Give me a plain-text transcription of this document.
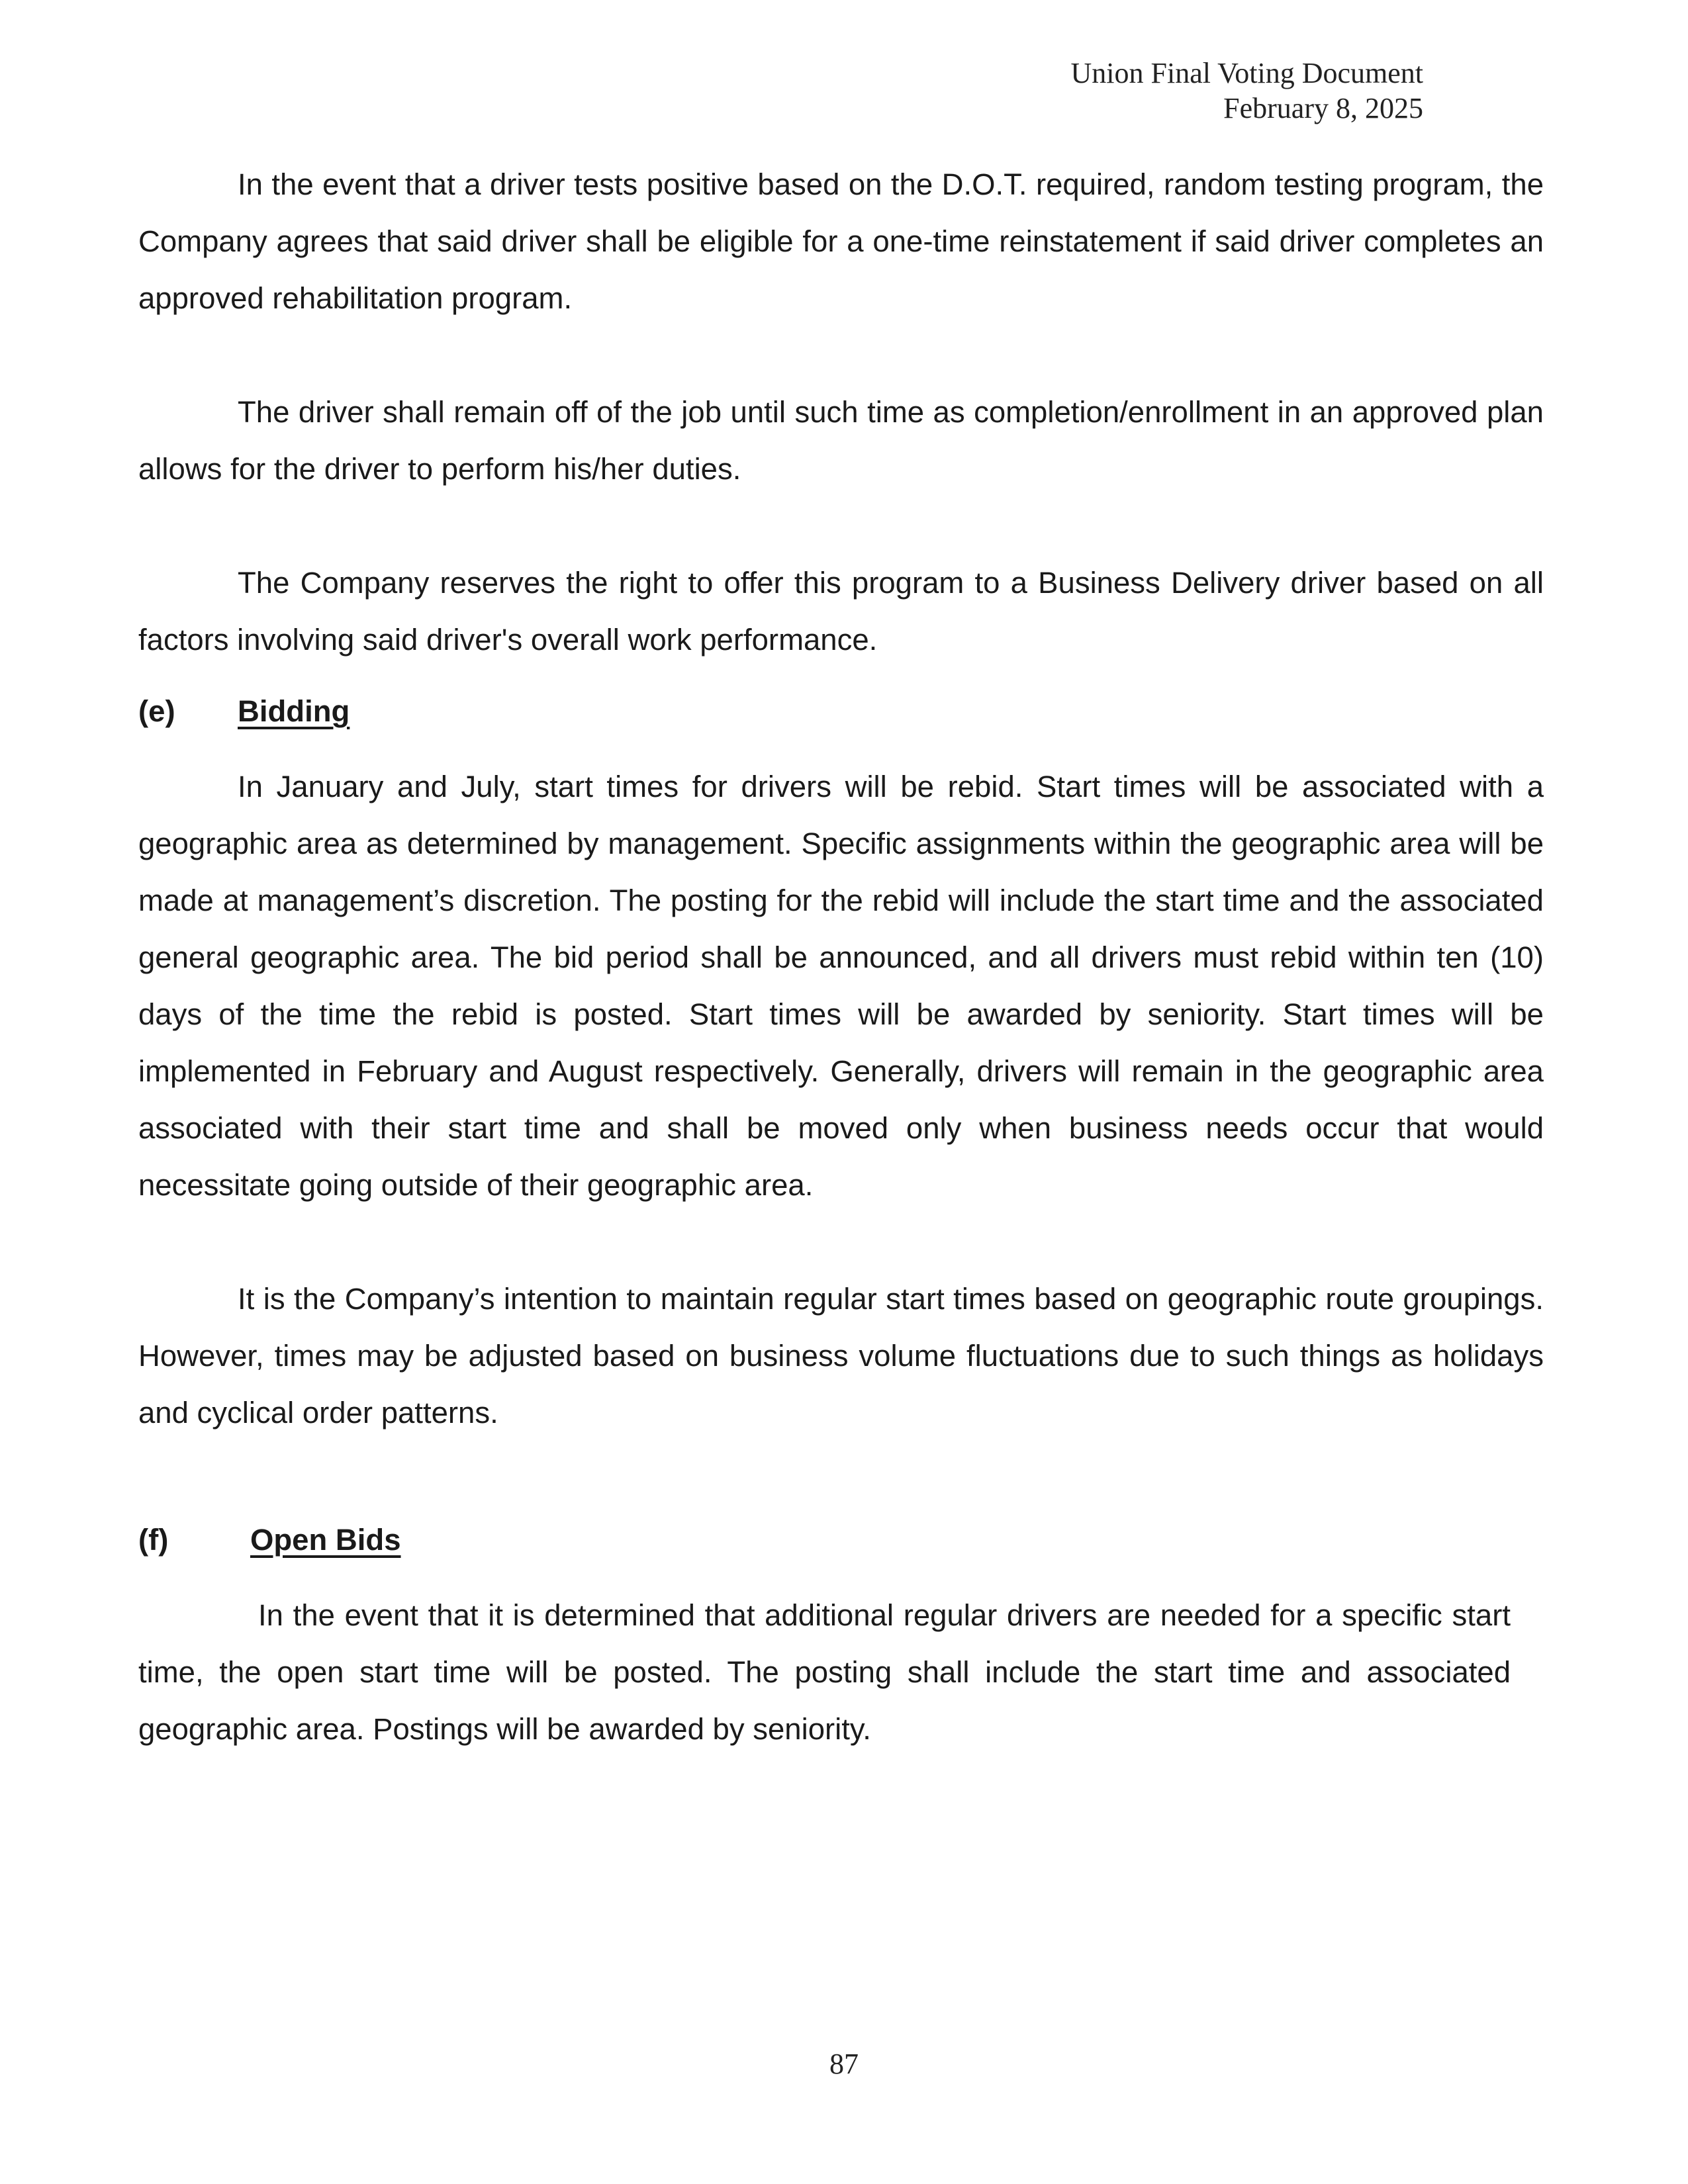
Union Final Voting Document
February 8, 2025

In the event that a driver tests positive based on the D.O.T. required, random testing program, the Company agrees that said driver shall be eligible for a one-time reinstatement if said driver completes an approved rehabilitation program.

The driver shall remain off of the job until such time as completion/enrollment in an approved plan allows for the driver to perform his/her duties.

The Company reserves the right to offer this program to a Business Delivery driver based on all factors involving said driver's overall work performance.

(e)	Bidding

In January and July, start times for drivers will be rebid. Start times will be associated with a geographic area as determined by management. Specific assignments within the geographic area will be made at management’s discretion. The posting for the rebid will include the start time and the associated general geographic area. The bid period shall be announced, and all drivers must rebid within ten (10) days of the time the rebid is posted. Start times will be awarded by seniority. Start times will be implemented in February and August respectively. Generally, drivers will remain in the geographic area associated with their start time and shall be moved only when business needs occur that would necessitate going outside of their geographic area.

It is the Company’s intention to maintain regular start times based on geographic route groupings. However, times may be adjusted based on business volume fluctuations due to such things as holidays and cyclical order patterns.

(f)	Open Bids

In the event that it is determined that additional regular drivers are needed for a specific start time, the open start time will be posted. The posting shall include the start time and associated geographic area. Postings will be awarded by seniority.

87
